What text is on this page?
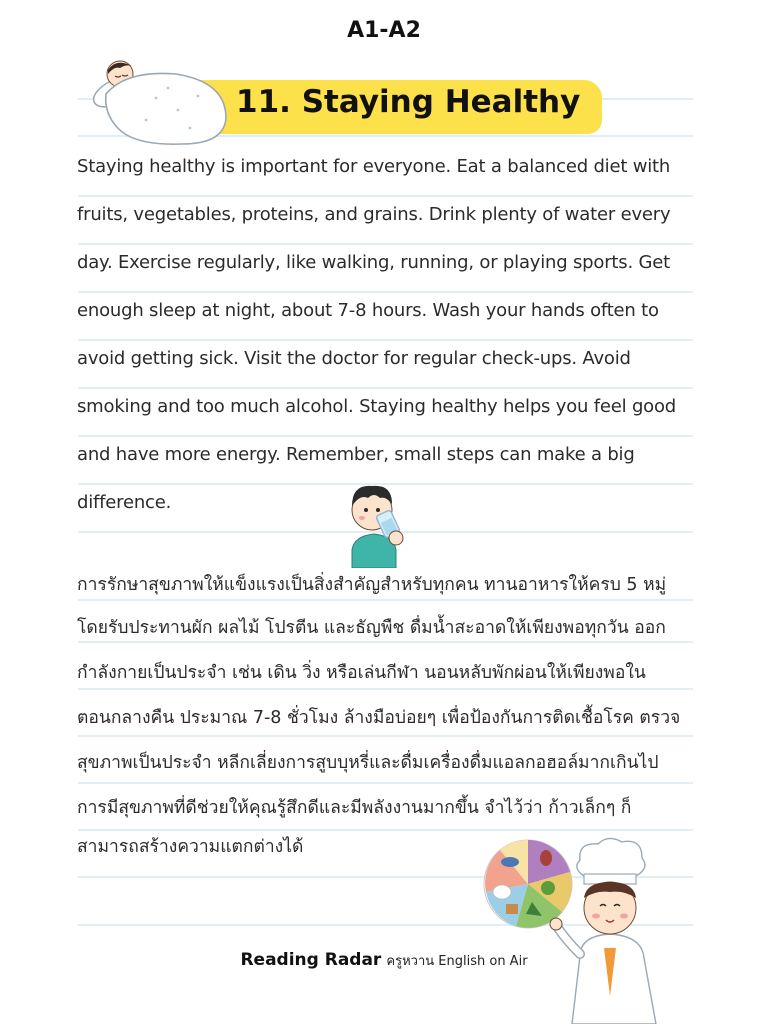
A1-A2
11. Staying Healthy
Staying healthy is important for everyone. Eat a balanced diet with
fruits, vegetables, proteins, and grains. Drink plenty of water every
day. Exercise regularly, like walking, running, or playing sports. Get
enough sleep at night, about 7-8 hours. Wash your hands often to
avoid getting sick. Visit the doctor for regular check-ups. Avoid
smoking and too much alcohol. Staying healthy helps you feel good
and have more energy. Remember, small steps can make a big
difference.
การรักษาสุขภาพให้แข็งแรงเป็นสิ่งสำคัญสำหรับทุกคน ทานอาหารให้ครบ 5 หมู่
โดยรับประทานผัก ผลไม้ โปรตีน และธัญพืช ดื่มน้ำสะอาดให้เพียงพอทุกวัน ออก
กำลังกายเป็นประจำ เช่น เดิน วิ่ง หรือเล่นกีฬา นอนหลับพักผ่อนให้เพียงพอใน
ตอนกลางคืน ประมาณ 7-8 ชั่วโมง ล้างมือบ่อยๆ เพื่อป้องกันการติดเชื้อโรค ตรวจ
สุขภาพเป็นประจำ หลีกเลี่ยงการสูบบุหรี่และดื่มเครื่องดื่มแอลกอฮอล์มากเกินไป
การมีสุขภาพที่ดีช่วยให้คุณรู้สึกดีและมีพลังงานมากขึ้น จำไว้ว่า ก้าวเล็กๆ ก็
สามารถสร้างความแตกต่างได้
Reading Radar ครูหวาน English on Air
